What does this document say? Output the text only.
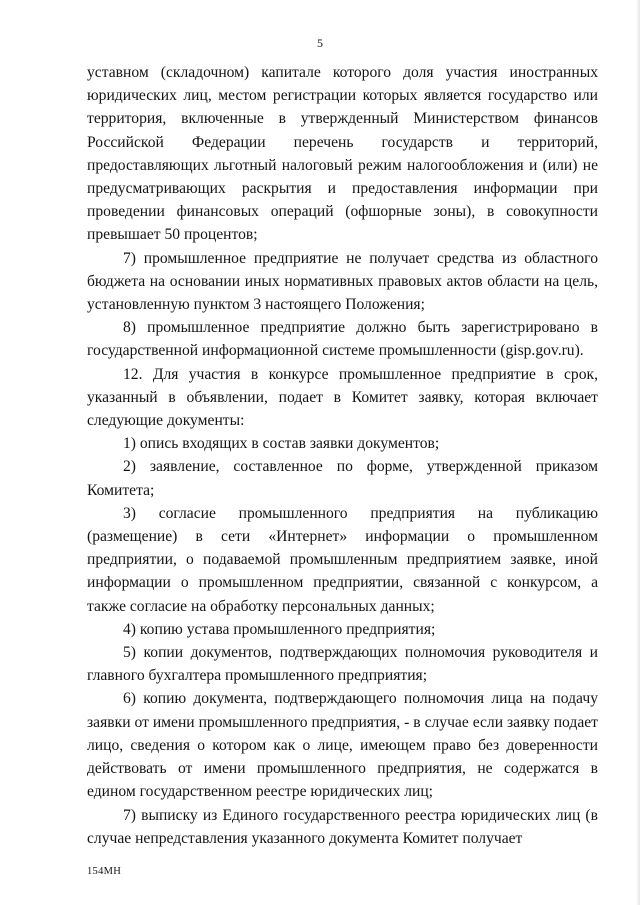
5

уставном (складочном) капитале которого доля участия иностранных юридических лиц, местом регистрации которых является государство или территория, включенные в утвержденный Министерством финансов Российской Федерации перечень государств и территорий, предоставляющих льготный налоговый режим налогообложения и (или) не предусматривающих раскрытия и предоставления информации при проведении финансовых операций (офшорные зоны), в совокупности превышает 50 процентов;

7) промышленное предприятие не получает средства из областного бюджета на основании иных нормативных правовых актов области на цель, установленную пунктом 3 настоящего Положения;

8) промышленное предприятие должно быть зарегистрировано в государственной информационной системе промышленности (gisp.gov.ru).

12. Для участия в конкурсе промышленное предприятие в срок, указанный в объявлении, подает в Комитет заявку, которая включает следующие документы:

1) опись входящих в состав заявки документов;

2) заявление, составленное по форме, утвержденной приказом Комитета;

3) согласие промышленного предприятия на публикацию (размещение) в сети «Интернет» информации о промышленном предприятии, о подаваемой промышленным предприятием заявке, иной информации о промышленном предприятии, связанной с конкурсом, а также согласие на обработку персональных данных;

4) копию устава промышленного предприятия;

5) копии документов, подтверждающих полномочия руководителя и главного бухгалтера промышленного предприятия;

6) копию документа, подтверждающего полномочия лица на подачу заявки от имени промышленного предприятия, - в случае если заявку подает лицо, сведения о котором как о лице, имеющем право без доверенности действовать от имени промышленного предприятия, не содержатся в едином государственном реестре юридических лиц;

7) выписку из Единого государственного реестра юридических лиц (в случае непредставления указанного документа Комитет получает

154МН
